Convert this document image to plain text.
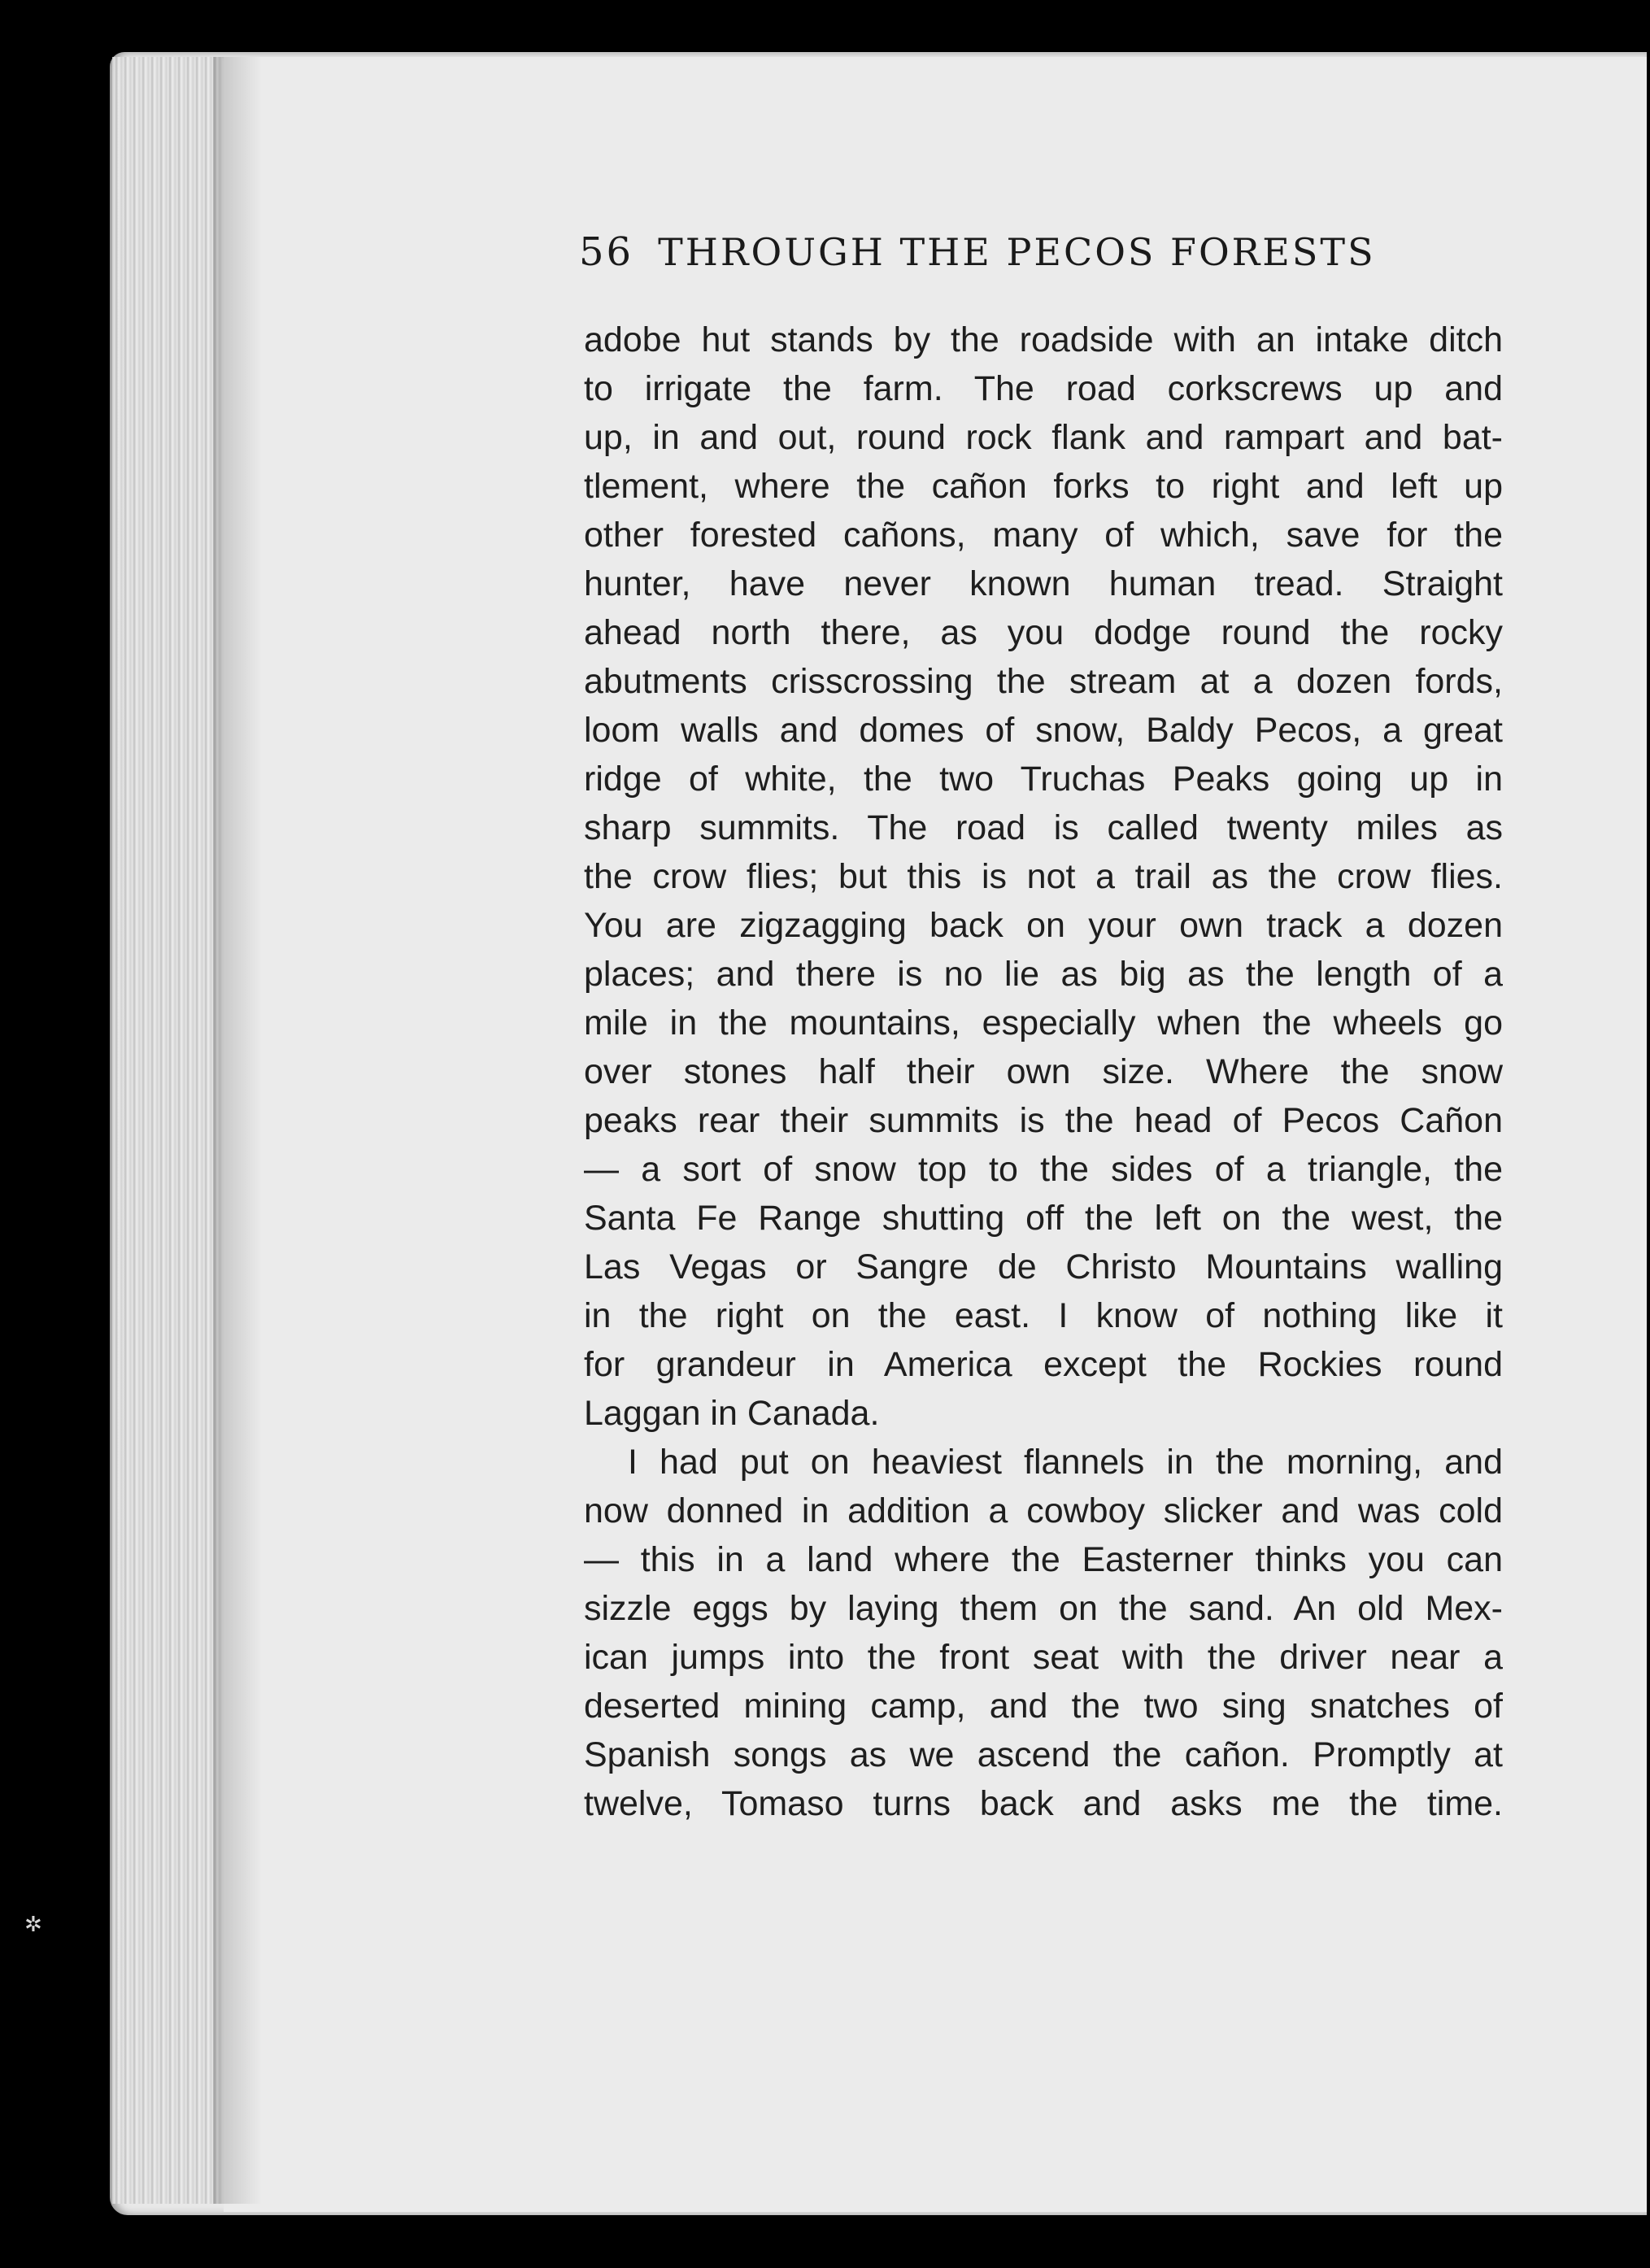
56 THROUGH THE PECOS FORESTS
adobe hut stands by the roadside with an intake ditch
to irrigate the farm. The road corkscrews up and
up, in and out, round rock flank and rampart and bat-
tlement, where the cañon forks to right and left up
other forested cañons, many of which, save for the
hunter, have never known human tread. Straight
ahead north there, as you dodge round the rocky
abutments crisscrossing the stream at a dozen fords,
loom walls and domes of snow, Baldy Pecos, a great
ridge of white, the two Truchas Peaks going up in
sharp summits. The road is called twenty miles as
the crow flies; but this is not a trail as the crow flies.
You are zigzagging back on your own track a dozen
places; and there is no lie as big as the length of a
mile in the mountains, especially when the wheels go
over stones half their own size. Where the snow
peaks rear their summits is the head of Pecos Cañon
— a sort of snow top to the sides of a triangle, the
Santa Fe Range shutting off the left on the west, the
Las Vegas or Sangre de Christo Mountains walling
in the right on the east. I know of nothing like it
for grandeur in America except the Rockies round
Laggan in Canada.
I had put on heaviest flannels in the morning, and
now donned in addition a cowboy slicker and was cold
— this in a land where the Easterner thinks you can
sizzle eggs by laying them on the sand. An old Mex-
ican jumps into the front seat with the driver near a
deserted mining camp, and the two sing snatches of
Spanish songs as we ascend the cañon. Promptly at
twelve, Tomaso turns back and asks me the time.
✲
